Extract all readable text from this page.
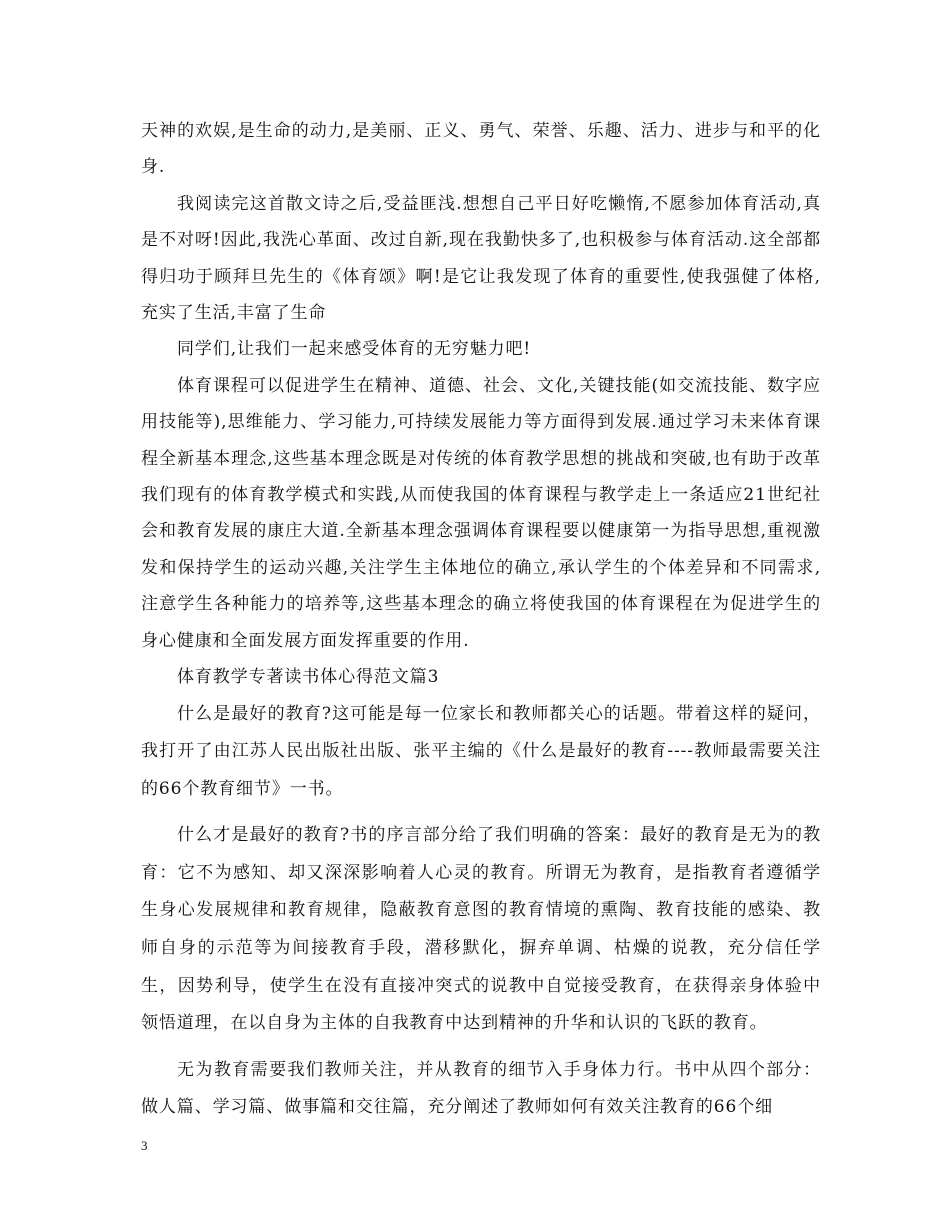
天神的欢娱,是生命的动力,是美丽、正义、勇气、荣誉、乐趣、活力、进步与和平的化身.

我阅读完这首散文诗之后,受益匪浅.想想自己平日好吃懒惰,不愿参加体育活动,真是不对呀!因此,我洗心革面、改过自新,现在我勤快多了,也积极参与体育活动.这全部都得归功于顾拜旦先生的《体育颂》啊!是它让我发现了体育的重要性,使我强健了体格,充实了生活,丰富了生命

同学们,让我们一起来感受体育的无穷魅力吧!

体育课程可以促进学生在精神、道德、社会、文化,关键技能(如交流技能、数字应用技能等),思维能力、学习能力,可持续发展能力等方面得到发展.通过学习未来体育课程全新基本理念,这些基本理念既是对传统的体育教学思想的挑战和突破,也有助于改革我们现有的体育教学模式和实践,从而使我国的体育课程与教学走上一条适应21世纪社会和教育发展的康庄大道.全新基本理念强调体育课程要以健康第一为指导思想,重视激发和保持学生的运动兴趣,关注学生主体地位的确立,承认学生的个体差异和不同需求,注意学生各种能力的培养等,这些基本理念的确立将使我国的体育课程在为促进学生的身心健康和全面发展方面发挥重要的作用.

体育教学专著读书体心得范文篇3

什么是最好的教育?这可能是每一位家长和教师都关心的话题。带着这样的疑问，我打开了由江苏人民出版社出版、张平主编的《什么是最好的教育----教师最需要关注的66个教育细节》一书。

什么才是最好的教育?书的序言部分给了我们明确的答案：最好的教育是无为的教育：它不为感知、却又深深影响着人心灵的教育。所谓无为教育，是指教育者遵循学生身心发展规律和教育规律，隐蔽教育意图的教育情境的熏陶、教育技能的感染、教师自身的示范等为间接教育手段，潜移默化，摒弃单调、枯燥的说教，充分信任学生，因势利导，使学生在没有直接冲突式的说教中自觉接受教育，在获得亲身体验中领悟道理，在以自身为主体的自我教育中达到精神的升华和认识的飞跃的教育。

无为教育需要我们教师关注，并从教育的细节入手身体力行。书中从四个部分：做人篇、学习篇、做事篇和交往篇，充分阐述了教师如何有效关注教育的66个细

3
